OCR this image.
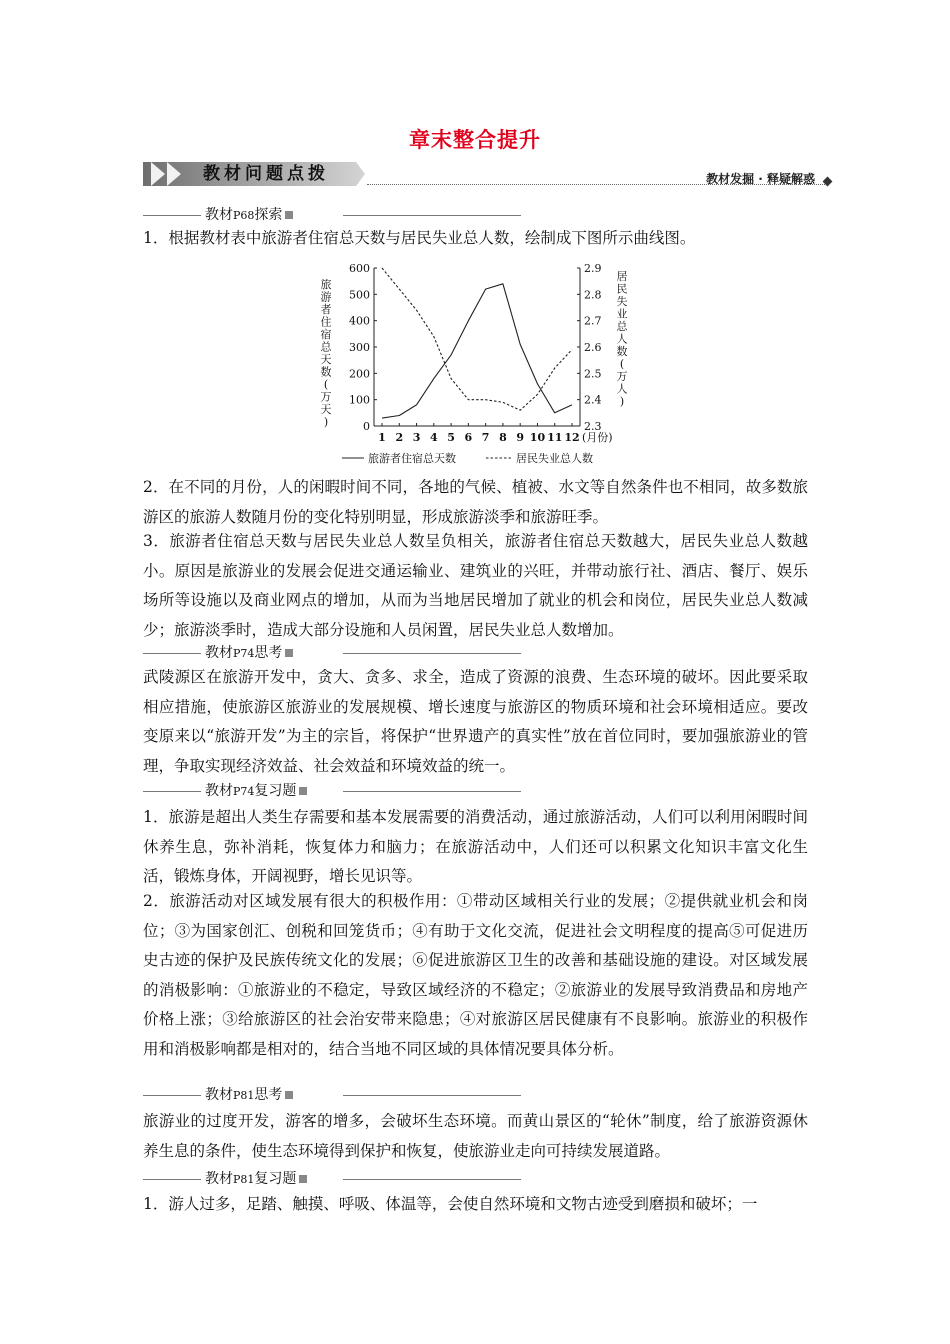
章末整合提升
教材问题点拨	教材发掘 · 释疑解惑
教材P68探索

1．根据教材表中旅游者住宿总天数与居民失业总人数，绘制成下图所示曲线图。

0
100
200
300
400
500
600
2.3
2.4
2.5
2.6
2.7
2.8
2.9
1 2 3 4 5 6 7 8 9 10 11 12 (月份)
旅
游
者
住
宿
总
天
数
(
万
天
)
居
民
失
业
总
人
数
(
万
人
)
旅游者住宿总天数	居民失业总人数

2．在不同的月份，人的闲暇时间不同，各地的气候、植被、水文等自然条件也不相同，故多数旅游区的旅游人数随月份的变化特别明显，形成旅游淡季和旅游旺季。

3．旅游者住宿总天数与居民失业总人数呈负相关，旅游者住宿总天数越大，居民失业总人数越小。原因是旅游业的发展会促进交通运输业、建筑业的兴旺，并带动旅行社、酒店、餐厅、娱乐场所等设施以及商业网点的增加，从而为当地居民增加了就业的机会和岗位，居民失业总人数减少；旅游淡季时，造成大部分设施和人员闲置，居民失业总人数增加。

教材P74思考

武陵源区在旅游开发中，贪大、贪多、求全，造成了资源的浪费、生态环境的破坏。因此要采取相应措施，使旅游区旅游业的发展规模、增长速度与旅游区的物质环境和社会环境相适应。要改变原来以“旅游开发”为主的宗旨，将保护“世界遗产的真实性”放在首位同时，要加强旅游业的管理，争取实现经济效益、社会效益和环境效益的统一。

教材P74复习题

1．旅游是超出人类生存需要和基本发展需要的消费活动，通过旅游活动，人们可以利用闲暇时间休养生息，弥补消耗，恢复体力和脑力；在旅游活动中，人们还可以积累文化知识丰富文化生活，锻炼身体，开阔视野，增长见识等。

2．旅游活动对区域发展有很大的积极作用：①带动区域相关行业的发展；②提供就业机会和岗位；③为国家创汇、创税和回笼货币；④有助于文化交流，促进社会文明程度的提高⑤可促进历史古迹的保护及民族传统文化的发展；⑥促进旅游区卫生的改善和基础设施的建设。对区域发展的消极影响：①旅游业的不稳定，导致区域经济的不稳定；②旅游业的发展导致消费品和房地产价格上涨；③给旅游区的社会治安带来隐患；④对旅游区居民健康有不良影响。旅游业的积极作用和消极影响都是相对的，结合当地不同区域的具体情况要具体分析。

教材P81思考

旅游业的过度开发，游客的增多，会破坏生态环境。而黄山景区的“轮休”制度，给了旅游资源休养生息的条件，使生态环境得到保护和恢复，使旅游业走向可持续发展道路。

教材P81复习题

1．游人过多，足踏、触摸、呼吸、体温等，会使自然环境和文物古迹受到磨损和破坏；一
